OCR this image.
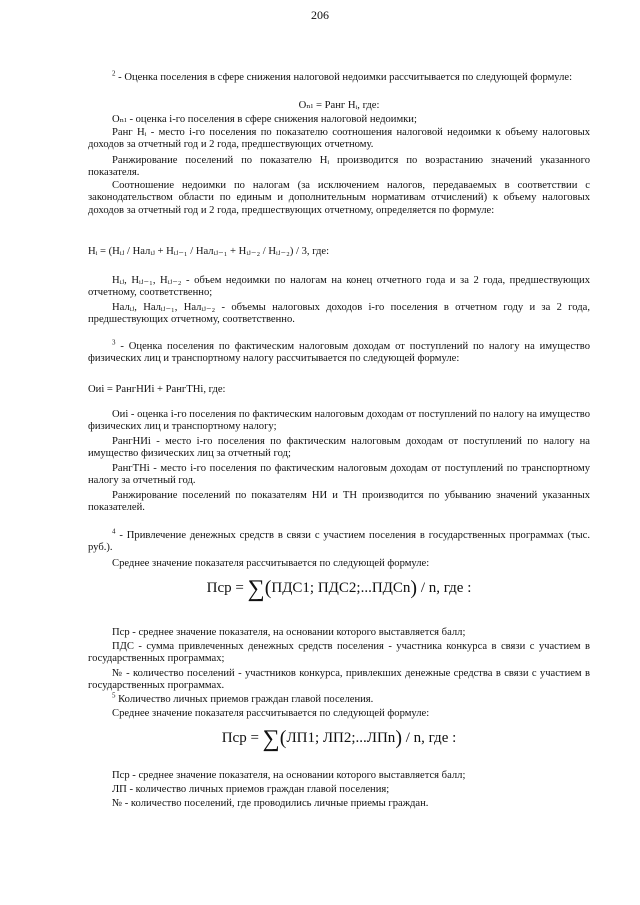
206

$^2$ - Оценка поселения в сфере снижения налоговой недоимки рассчитывается по следующей формуле:

Оₙₗ = Ранг Нᵢ, где:

Оₙₗ - оценка i-го поселения в сфере снижения налоговой недоимки;

Ранг Нᵢ - место i-го поселения по показателю соотношения налоговой недоимки к объему налоговых доходов за отчетный год и 2 года, предшествующих отчетному.

Ранжирование поселений по показателю Нᵢ производится по возрастанию значений указанного показателя.

Соотношение недоимки по налогам (за исключением налогов, передаваемых в соответствии с законодательством области по единым и дополнительным нормативам отчислений) к объему налоговых доходов за отчетный год и 2 года, предшествующих отчетному, определяется по формуле:

Hᵢ = (Hᵢⱼ / Налᵢⱼ + Hᵢⱼ₋₁ / Налᵢⱼ₋₁ + Hᵢⱼ₋₂ / Hᵢⱼ₋₂) / 3, где:

Hᵢⱼ, Hᵢⱼ₋₁, Hᵢⱼ₋₂ - объем недоимки по налогам на конец отчетного года и за 2 года, предшествующих отчетному, соответственно;

Налᵢⱼ, Налᵢⱼ₋₁, Налᵢⱼ₋₂ - объемы налоговых доходов i-го поселения в отчетном году и за 2 года, предшествующих отчетному, соответственно.

$^3$ - Оценка поселения по фактическим налоговым доходам от поступлений по налогу на имущество физических лиц и транспортному налогу рассчитывается по следующей формуле:

Оиі = РангНИі + РангТНі, где:

Оиі - оценка i-го поселения по фактическим налоговым доходам от поступлений по налогу на имущество физических лиц и транспортному налогу;

РангНИі - место i-го поселения по фактическим налоговым доходам от поступлений по налогу на имущество физических лиц за отчетный год;

РангТНі - место i-го поселения по фактическим налоговым доходам от поступлений по транспортному налогу за отчетный год.

Ранжирование поселений по показателям НИ и ТН производится по убыванию значений указанных показателей.

$^4$ - Привлечение денежных средств в связи с участием поселения в государственных программах (тыс. руб.).

Среднее значение показателя рассчитывается по следующей формуле:

Пср = ∑(ПДС1; ПДС2;...ПДСn) / n, где :

Пср - среднее значение показателя, на основании которого выставляется балл;

ПДС - сумма привлеченных денежных средств поселения - участника конкурса в связи с участием в государственных программах;

№ - количество поселений - участников конкурса, привлекших денежные средства в связи с участием в государственных программах.

$^5$ Количество личных приемов граждан главой поселения.

Среднее значение показателя рассчитывается по следующей формуле:

Пср = ∑(ЛП1; ЛП2;...ЛПn) / n, где :

Пср - среднее значение показателя, на основании которого выставляется балл;

ЛП - количество личных приемов граждан главой поселения;

№ - количество поселений, где проводились личные приемы граждан.
